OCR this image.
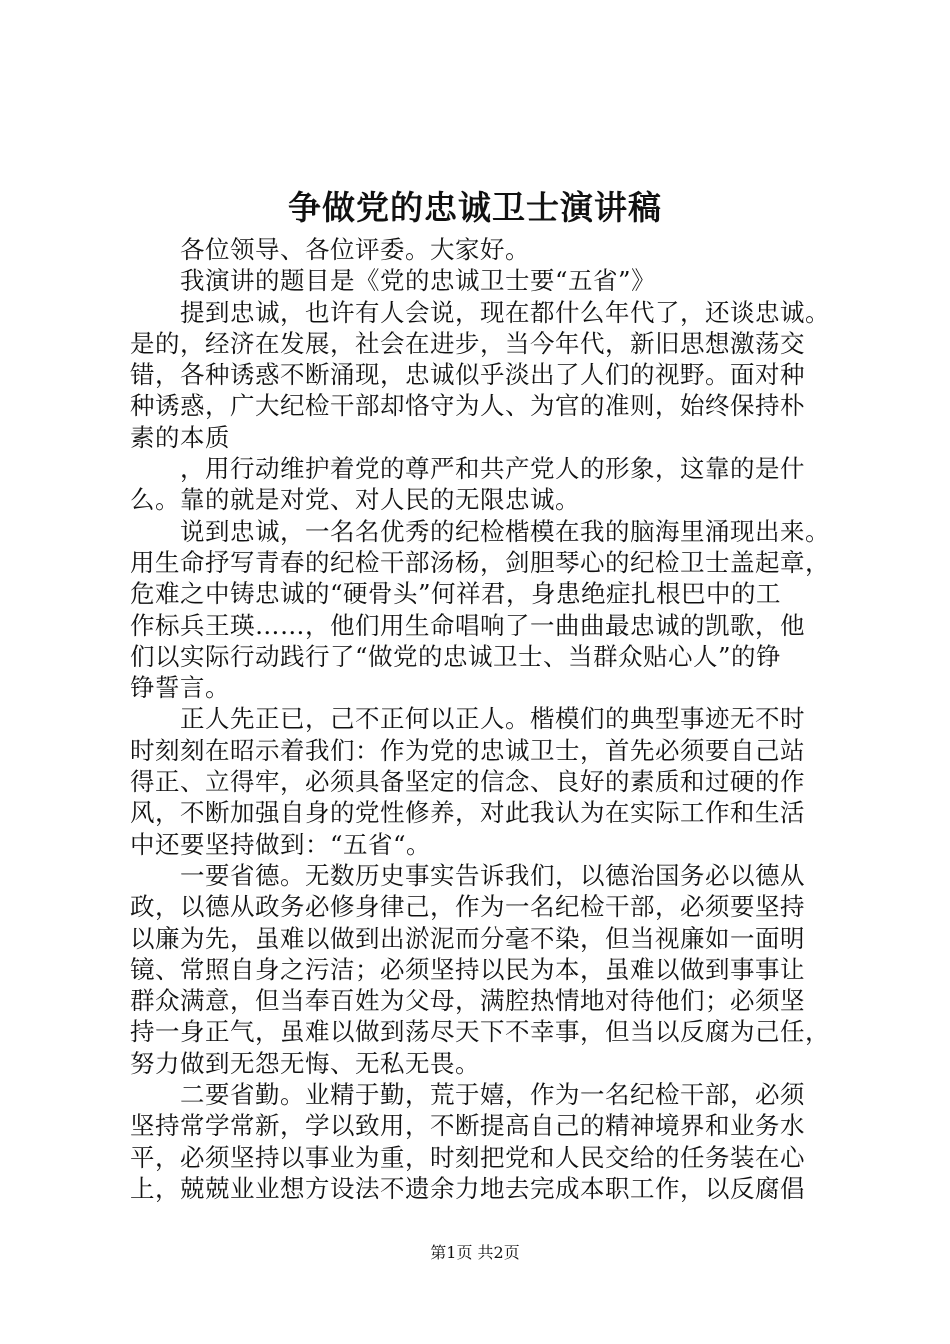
争做党的忠诚卫士演讲稿
各位领导、各位评委。大家好。
我演讲的题目是《党的忠诚卫士要“五省”》
提到忠诚，也许有人会说，现在都什么年代了，还谈忠诚。
是的，经济在发展，社会在进步，当今年代，新旧思想激荡交
错，各种诱惑不断涌现，忠诚似乎淡出了人们的视野。面对种
种诱惑，广大纪检干部却恪守为人、为官的准则，始终保持朴
素的本质
，用行动维护着党的尊严和共产党人的形象，这靠的是什
么。靠的就是对党、对人民的无限忠诚。
说到忠诚，一名名优秀的纪检楷模在我的脑海里涌现出来。
用生命抒写青春的纪检干部汤杨，剑胆琴心的纪检卫士盖起章，
危难之中铸忠诚的“硬骨头”何祥君，身患绝症扎根巴中的工
作标兵王瑛……，他们用生命唱响了一曲曲最忠诚的凯歌，他
们以实际行动践行了“做党的忠诚卫士、当群众贴心人”的铮
铮誓言。
正人先正已，己不正何以正人。楷模们的典型事迹无不时
时刻刻在昭示着我们：作为党的忠诚卫士，首先必须要自己站
得正、立得牢，必须具备坚定的信念、良好的素质和过硬的作
风，不断加强自身的党性修养，对此我认为在实际工作和生活
中还要坚持做到：“五省“。
一要省德。无数历史事实告诉我们，以德治国务必以德从
政，以德从政务必修身律己，作为一名纪检干部，必须要坚持
以廉为先，虽难以做到出淤泥而分毫不染，但当视廉如一面明
镜、常照自身之污洁；必须坚持以民为本，虽难以做到事事让
群众满意，但当奉百姓为父母，满腔热情地对待他们；必须坚
持一身正气，虽难以做到荡尽天下不幸事，但当以反腐为己任，
努力做到无怨无悔、无私无畏。
二要省勤。业精于勤，荒于嬉，作为一名纪检干部，必须
坚持常学常新，学以致用，不断提高自己的精神境界和业务水
平，必须坚持以事业为重，时刻把党和人民交给的任务装在心
上，兢兢业业想方设法不遗余力地去完成本职工作，以反腐倡
第1页 共2页
